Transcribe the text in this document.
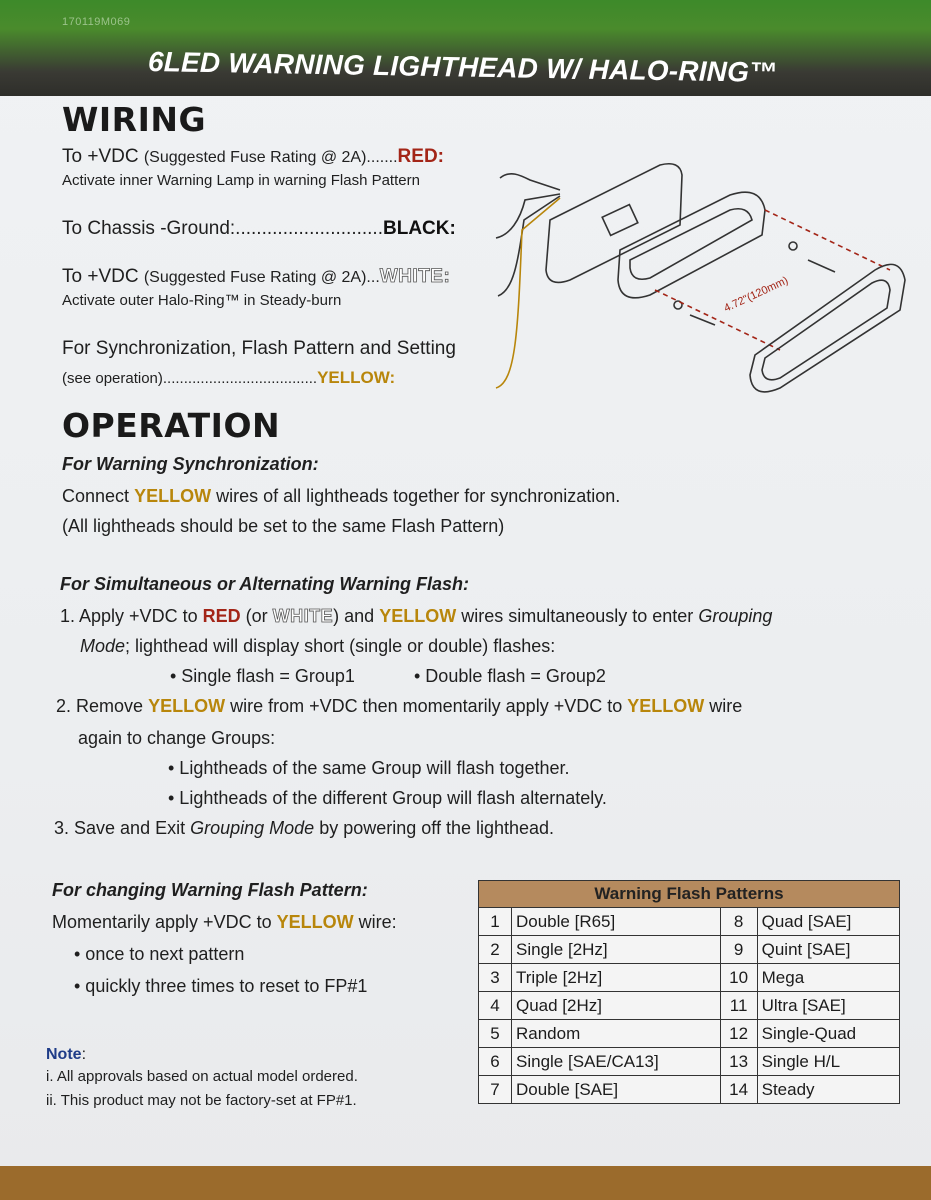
170119M069
6LED WARNING LIGHTHEAD W/ HALO-RING™
WIRING
To +VDC (Suggested Fuse Rating @ 2A).......RED:
Activate inner Warning Lamp in warning Flash Pattern
To Chassis -Ground:............................BLACK:
To +VDC (Suggested Fuse Rating @ 2A)...WHITE:
Activate outer Halo-Ring™ in Steady-burn
For Synchronization, Flash Pattern and Setting
(see operation).....................................YELLOW:
4.72"(120mm)
OPERATION
For Warning Synchronization:
Connect YELLOW wires of all lightheads together for synchronization.
(All lightheads should be set to the same Flash Pattern)
For Simultaneous or Alternating Warning Flash:
1. Apply +VDC to RED (or WHITE) and YELLOW wires simultaneously to enter Grouping
Mode; lighthead will display short (single or double) flashes:
• Single flash = Group1	• Double flash = Group2
2. Remove YELLOW wire from +VDC then momentarily apply +VDC to YELLOW wire
again to change Groups:
• Lightheads of the same Group will flash together.
• Lightheads of the different Group will flash alternately.
3. Save and Exit Grouping Mode by powering off the lighthead.
For changing Warning Flash Pattern:
Momentarily apply +VDC to YELLOW wire:
• once to next pattern
• quickly three times to reset to FP#1
Note:
i. All approvals based on actual model ordered.
ii. This product may not be factory-set at FP#1.
Warning Flash Patterns			
1	Double [R65]	8	Quad [SAE]
2	Single [2Hz]	9	Quint [SAE]
3	Triple [2Hz]	10	Mega
4	Quad [2Hz]	11	Ultra [SAE]
5	Random	12	Single-Quad
6	Single [SAE/CA13]	13	Single H/L
7	Double [SAE]	14	Steady
